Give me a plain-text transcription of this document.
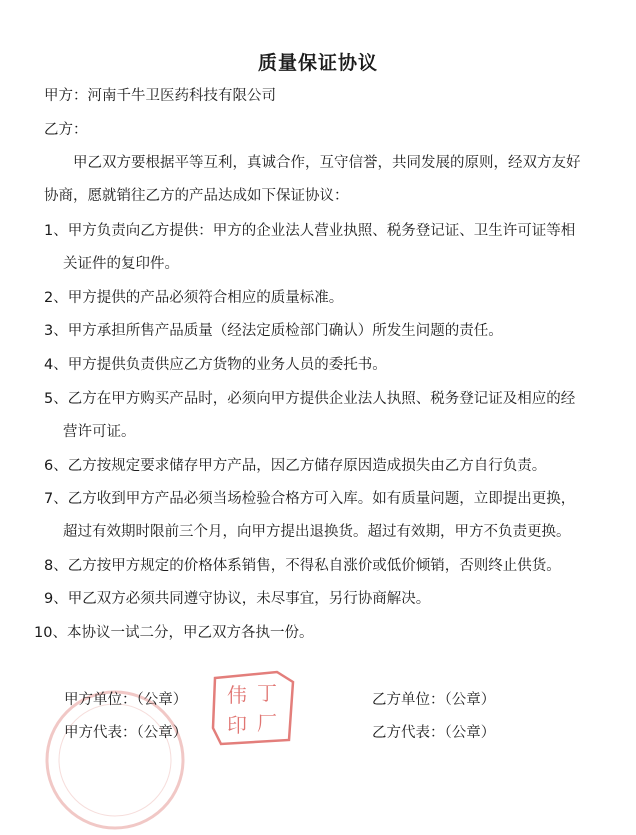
质量保证协议
甲方：河南千牛卫医药科技有限公司
乙方：
甲乙双方要根据平等互利，真诚合作，互守信誉，共同发展的原则，经双方友好
协商，愿就销往乙方的产品达成如下保证协议：
1、甲方负责向乙方提供：甲方的企业法人营业执照、税务登记证、卫生许可证等相
关证件的复印件。
2、甲方提供的产品必须符合相应的质量标准。
3、甲方承担所售产品质量（经法定质检部门确认）所发生问题的责任。
4、甲方提供负责供应乙方货物的业务人员的委托书。
5、乙方在甲方购买产品时，必须向甲方提供企业法人执照、税务登记证及相应的经
营许可证。
6、乙方按规定要求储存甲方产品，因乙方储存原因造成损失由乙方自行负责。
7、乙方收到甲方产品必须当场检验合格方可入库。如有质量问题，立即提出更换，
超过有效期时限前三个月，向甲方提出退换货。超过有效期，甲方不负责更换。
8、乙方按甲方规定的价格体系销售，不得私自涨价或低价倾销，否则终止供货。
9、甲乙双方必须共同遵守协议，未尽事宜，另行协商解决。
10、本协议一试二分，甲乙双方各执一份。
伟 丁
印 厂
甲方单位：（公章）
甲方代表：（公章）
乙方单位：（公章）
乙方代表：（公章）
